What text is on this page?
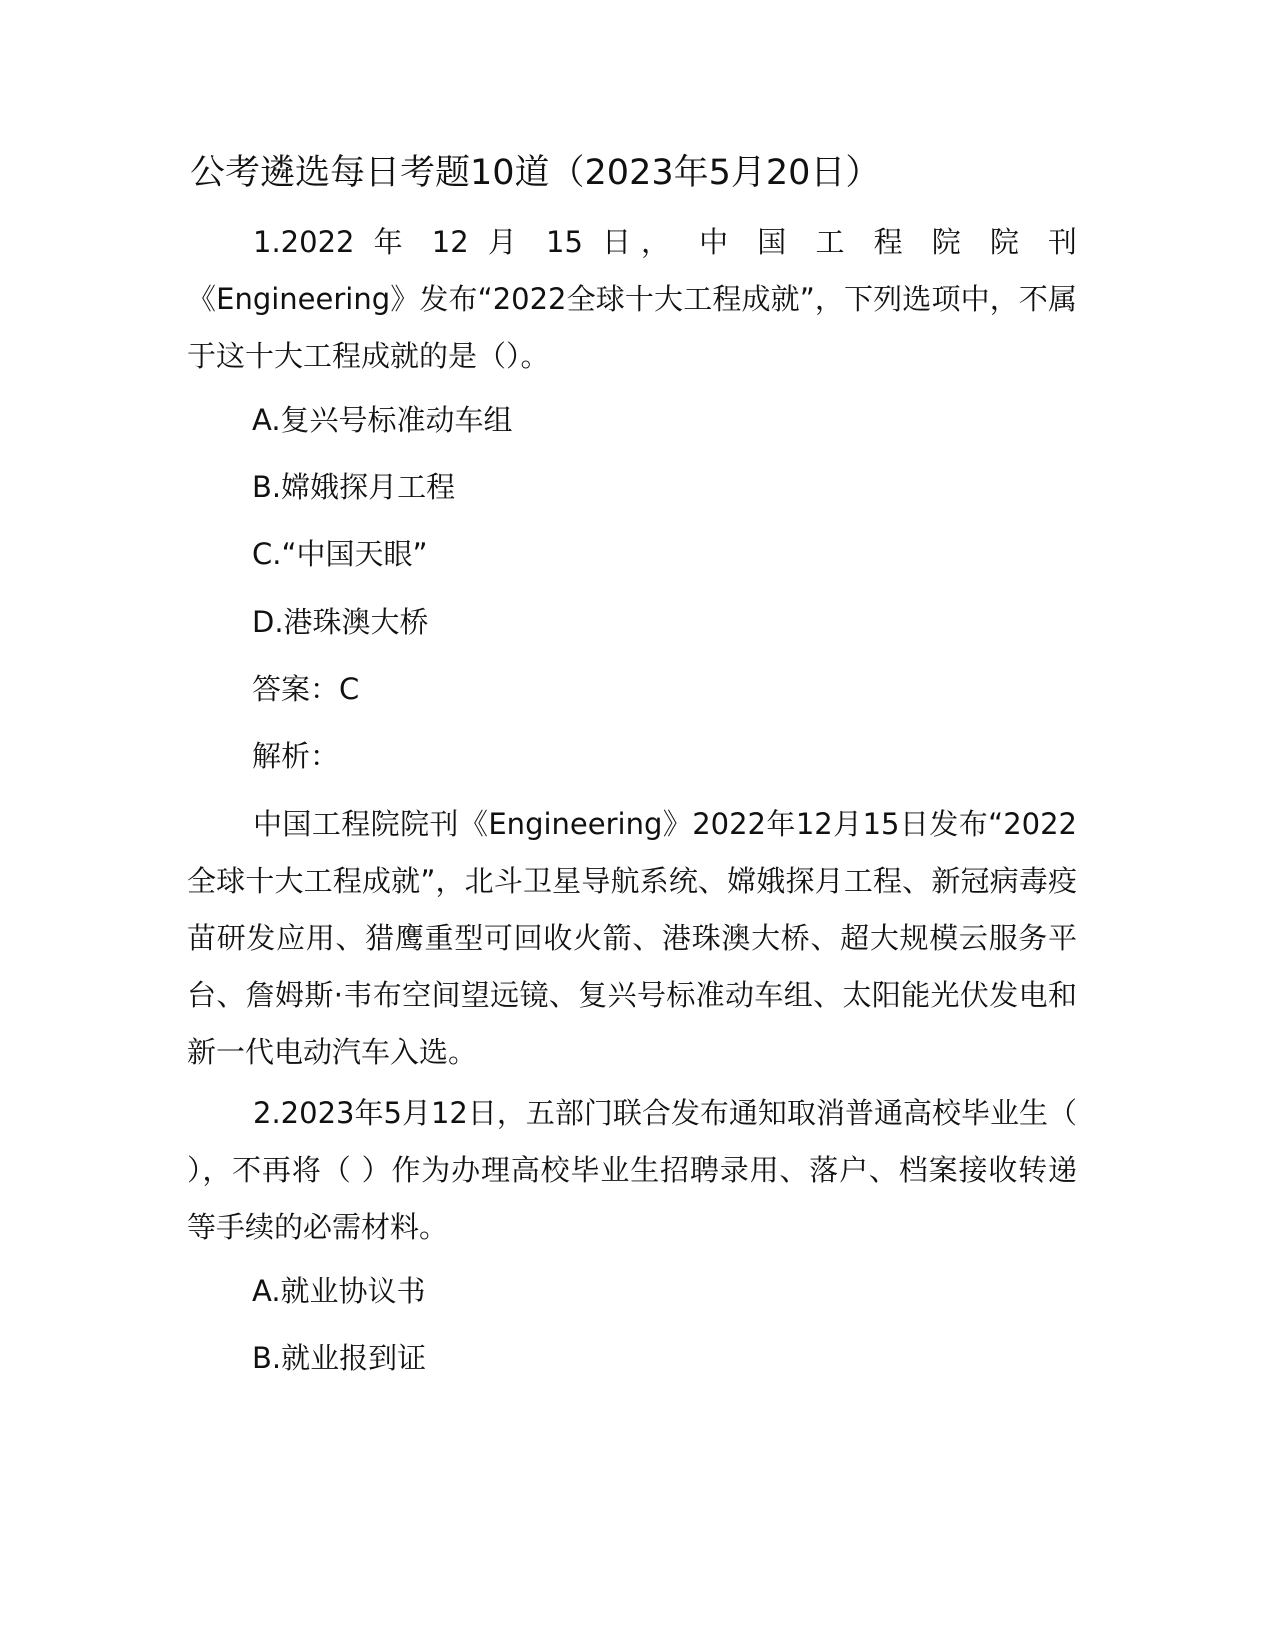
公考遴选每日考题10道（2023年5月20日）
1.2022 年 12 月 15 日， 中 国 工 程 院 院 刊
《Engineering》发布“2022全球十大工程成就”，下列选项中，不属于这十大工程成就的是（）。

A.复兴号标准动车组

B.嫦娥探月工程

C.“中国天眼”

D.港珠澳大桥

答案：C

解析：

中国工程院院刊《Engineering》2022年12月15日发布“2022全球十大工程成就”，北斗卫星导航系统、嫦娥探月工程、新冠病毒疫苗研发应用、猎鹰重型可回收火箭、港珠澳大桥、超大规模云服务平台、詹姆斯·韦布空间望远镜、复兴号标准动车组、太阳能光伏发电和新一代电动汽车入选。

2.2023年5月12日，五部门联合发布通知取消普通高校毕业生（ ），不再将（ ）作为办理高校毕业生招聘录用、落户、档案接收转递等手续的必需材料。

A.就业协议书

B.就业报到证
